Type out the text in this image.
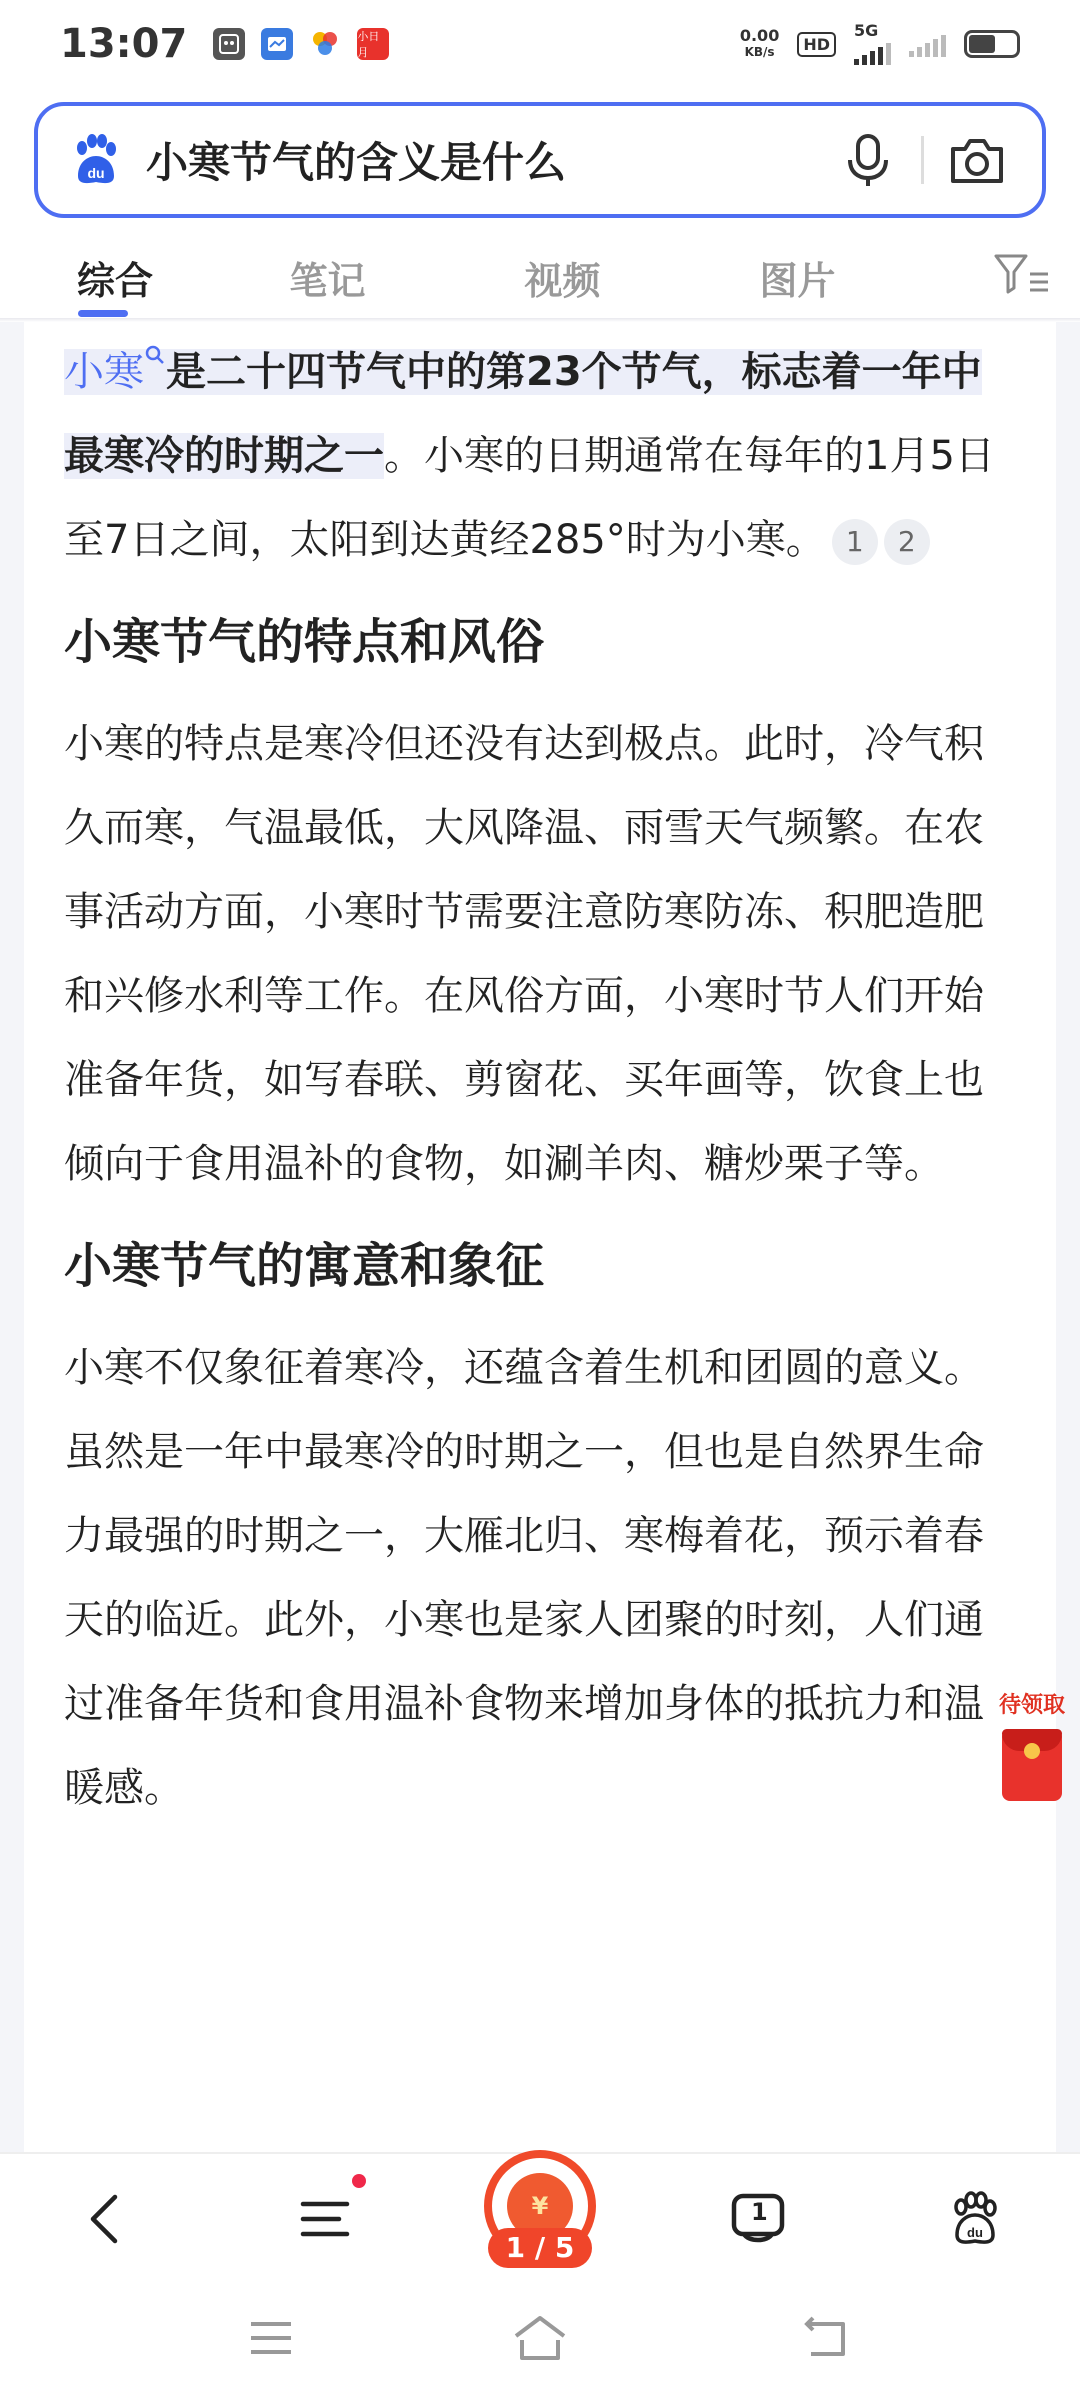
13:07	小日月
0.00
KB/s	HD
5G
du 小寒节气的含义是什么
综合	笔记	视频	图片

小寒 是二十四节气中的第23个节气，标志着一年中最寒冷的时期之一。小寒的日期通常在每年的1月5日至7日之间，太阳到达黄经285°时为小寒。 1 2

小寒节气的特点和风俗

小寒的特点是寒冷但还没有达到极点。此时，冷气积久而寒，气温最低，大风降温、雨雪天气频繁。在农事活动方面，小寒时节需要注意防寒防冻、积肥造肥和兴修水利等工作。在风俗方面，小寒时节人们开始准备年货，如写春联、剪窗花、买年画等，饮食上也倾向于食用温补的食物，如涮羊肉、糖炒栗子等。

小寒节气的寓意和象征

小寒不仅象征着寒冷，还蕴含着生机和团圆的意义。虽然是一年中最寒冷的时期之一，但也是自然界生命力最强的时期之一，大雁北归、寒梅着花，预示着春天的临近。此外，小寒也是家人团聚的时刻，人们通过准备年货和食用温补食物来增加身体的抵抗力和温暖感。

待领取
¥
1 / 5
1
du
